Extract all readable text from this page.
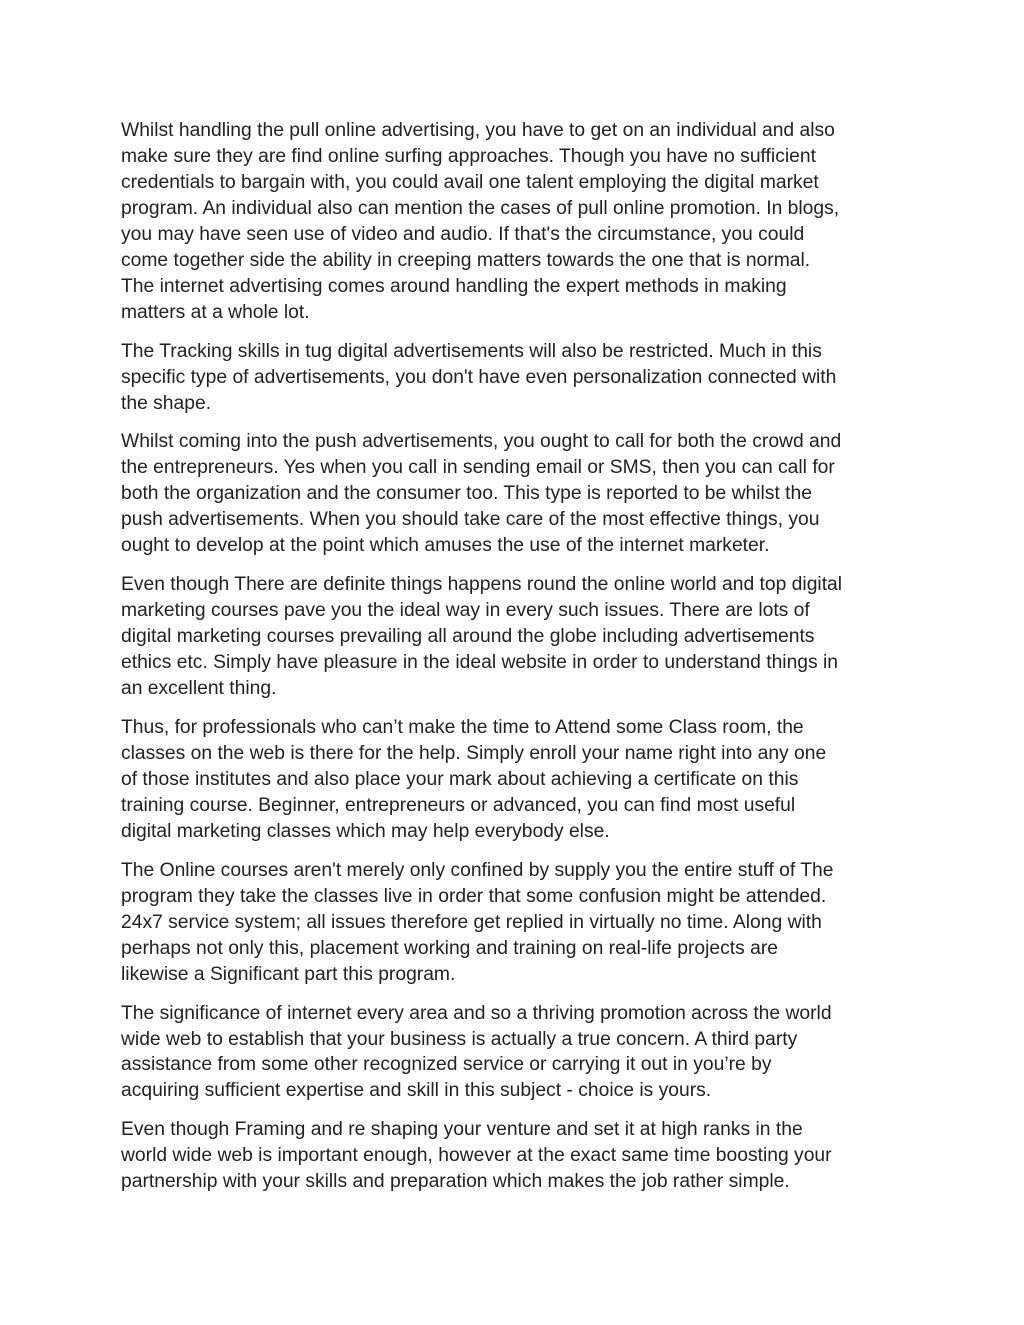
Whilst handling the pull online advertising, you have to get on an individual and also
make sure they are find online surfing approaches. Though you have no sufficient
credentials to bargain with, you could avail one talent employing the digital market
program. An individual also can mention the cases of pull online promotion. In blogs,
you may have seen use of video and audio. If that's the circumstance, you could
come together side the ability in creeping matters towards the one that is normal.
The internet advertising comes around handling the expert methods in making
matters at a whole lot.

The Tracking skills in tug digital advertisements will also be restricted. Much in this
specific type of advertisements, you don't have even personalization connected with
the shape.

Whilst coming into the push advertisements, you ought to call for both the crowd and
the entrepreneurs. Yes when you call in sending email or SMS, then you can call for
both the organization and the consumer too. This type is reported to be whilst the
push advertisements. When you should take care of the most effective things, you
ought to develop at the point which amuses the use of the internet marketer.

Even though There are definite things happens round the online world and top digital
marketing courses pave you the ideal way in every such issues. There are lots of
digital marketing courses prevailing all around the globe including advertisements
ethics etc. Simply have pleasure in the ideal website in order to understand things in
an excellent thing.

Thus, for professionals who can’t make the time to Attend some Class room, the
classes on the web is there for the help. Simply enroll your name right into any one
of those institutes and also place your mark about achieving a certificate on this
training course. Beginner, entrepreneurs or advanced, you can find most useful
digital marketing classes which may help everybody else.

The Online courses aren't merely only confined by supply you the entire stuff of The
program they take the classes live in order that some confusion might be attended.
24x7 service system; all issues therefore get replied in virtually no time. Along with
perhaps not only this, placement working and training on real-life projects are
likewise a Significant part this program.

The significance of internet every area and so a thriving promotion across the world
wide web to establish that your business is actually a true concern. A third party
assistance from some other recognized service or carrying it out in you’re by
acquiring sufficient expertise and skill in this subject - choice is yours.

Even though Framing and re shaping your venture and set it at high ranks in the
world wide web is important enough, however at the exact same time boosting your
partnership with your skills and preparation which makes the job rather simple.
